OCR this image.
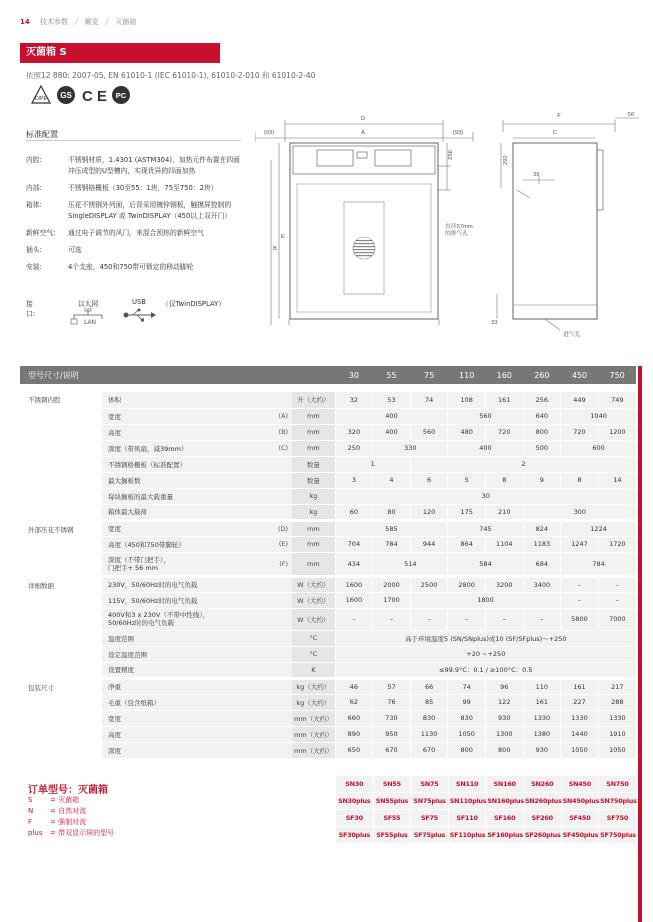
14 技术参数 ╱ 概览 ╱ 灭菌箱
灭菌箱 S
依照12 880: 2007-05, EN 61010-1 (IEC 61010-1), 61010-2-010 和 61010-2-40
D/PE GS C E PC
标准配置
内腔:	不锈钢材质，1.4301 (ASTM304)，加热元件布置在四面冲压成型的U型槽内，实现优异的四面加热
内部:	不锈钢格栅板（30至55：1块，75至750：2块）
箱体:	压花不锈钢外列面，后背采用镀锌钢板，触摸屏控制的SingleDISPLAY 或 TwinDISPLAY（450以上双开门）
新鲜空气:	通过电子调节的风门，来混合预热的新鲜空气
插头:	可选
安装:	4个支座，450和750带可锁定的移动脚轮
接口:
以太网
LAN
USB	（仅TwinDISPLAY）
D
A
(93)	(93)
E
B
F	56
C
39
33
256
292
直径57mm 的排气孔
进气孔
型号尺寸/说明				30	55	75	110	160	260	450	750

不锈钢内腔	体积		升（大约）	32	53	74	108	161	256	449	749
	宽度	(A)	mm	400			560		640	1040	
	高度	(B)	mm	320	400	560	480	720	800	720	1200
	深度（带风扇，减39mm）	(C)	mm	250	330		400		500	600	
	不锈钢格栅板（标准配置）		数量	1		2					
	最大搁板数		数量	3	4	6	5	8	9	8	14
	每块搁板的最大载重量		kg	30							
	箱体最大载荷		kg	60	80	120	175	210	300		
外部压花不锈钢	宽度	(D)	mm	585			745		824	1224	
	高度（450和750带脚轮）	(E)	mm	704	784	944	864	1104	1183	1247	1720
	深度（不带门把手），
门把手+ 56 mm	(F)	mm	434	514		584		684	784	
详细数据	230V，50/60Hz时的电气负载		W（大约）	1600	2000	2500	2800	3200	3400	–	–
	115V，50/60Hz时的电气负载		W（大约）	1600	1700	1800				–	–
	400V和3 x 230V（不带中性线），
50/60Hz时的电气负载		W（大约）	–	–	–	–	–	–	5800	7000
	温度范围		°C	高于环境温度5 (SN/SNplus)或10 (SF/SFplus)～+250							
	设定温度范围		°C	+20 ~+250							
	设置精度		K	≤99.9°C：0.1 / ≥100°C：0.5							
包装尺寸	净重		kg（大约）	46	57	66	74	96	110	161	217
	毛重（包含纸箱）		kg（大约）	62	76	85	99	122	161	227	288
	宽度		mm（大约）	660	730	830	830	930	1330	1330	1330
	高度		mm（大约）	890	950	1130	1050	1300	1380	1440	1910
	深度		mm（大约）	650	670	670	800	800	930	1050	1050
订单型号：灭菌箱
S	= 灭菌箱
N = 自然对流
F	= 强制对流
plus = 带双显示屏的型号
SN30	SN55	SN75	SN110	SN160	SN260	SN450	SN750
SN30plus	SN55plus	SN75plus	SN110plus	SN160plus	SN260plus	SN450plus	SN750plus
SF30	SF55	SF75	SF110	SF160	SF260	SF450	SF750
SF30plus	SF55plus	SF75plus	SF110plus	SF160plus	SF260plus	SF450plus	SF750plus
